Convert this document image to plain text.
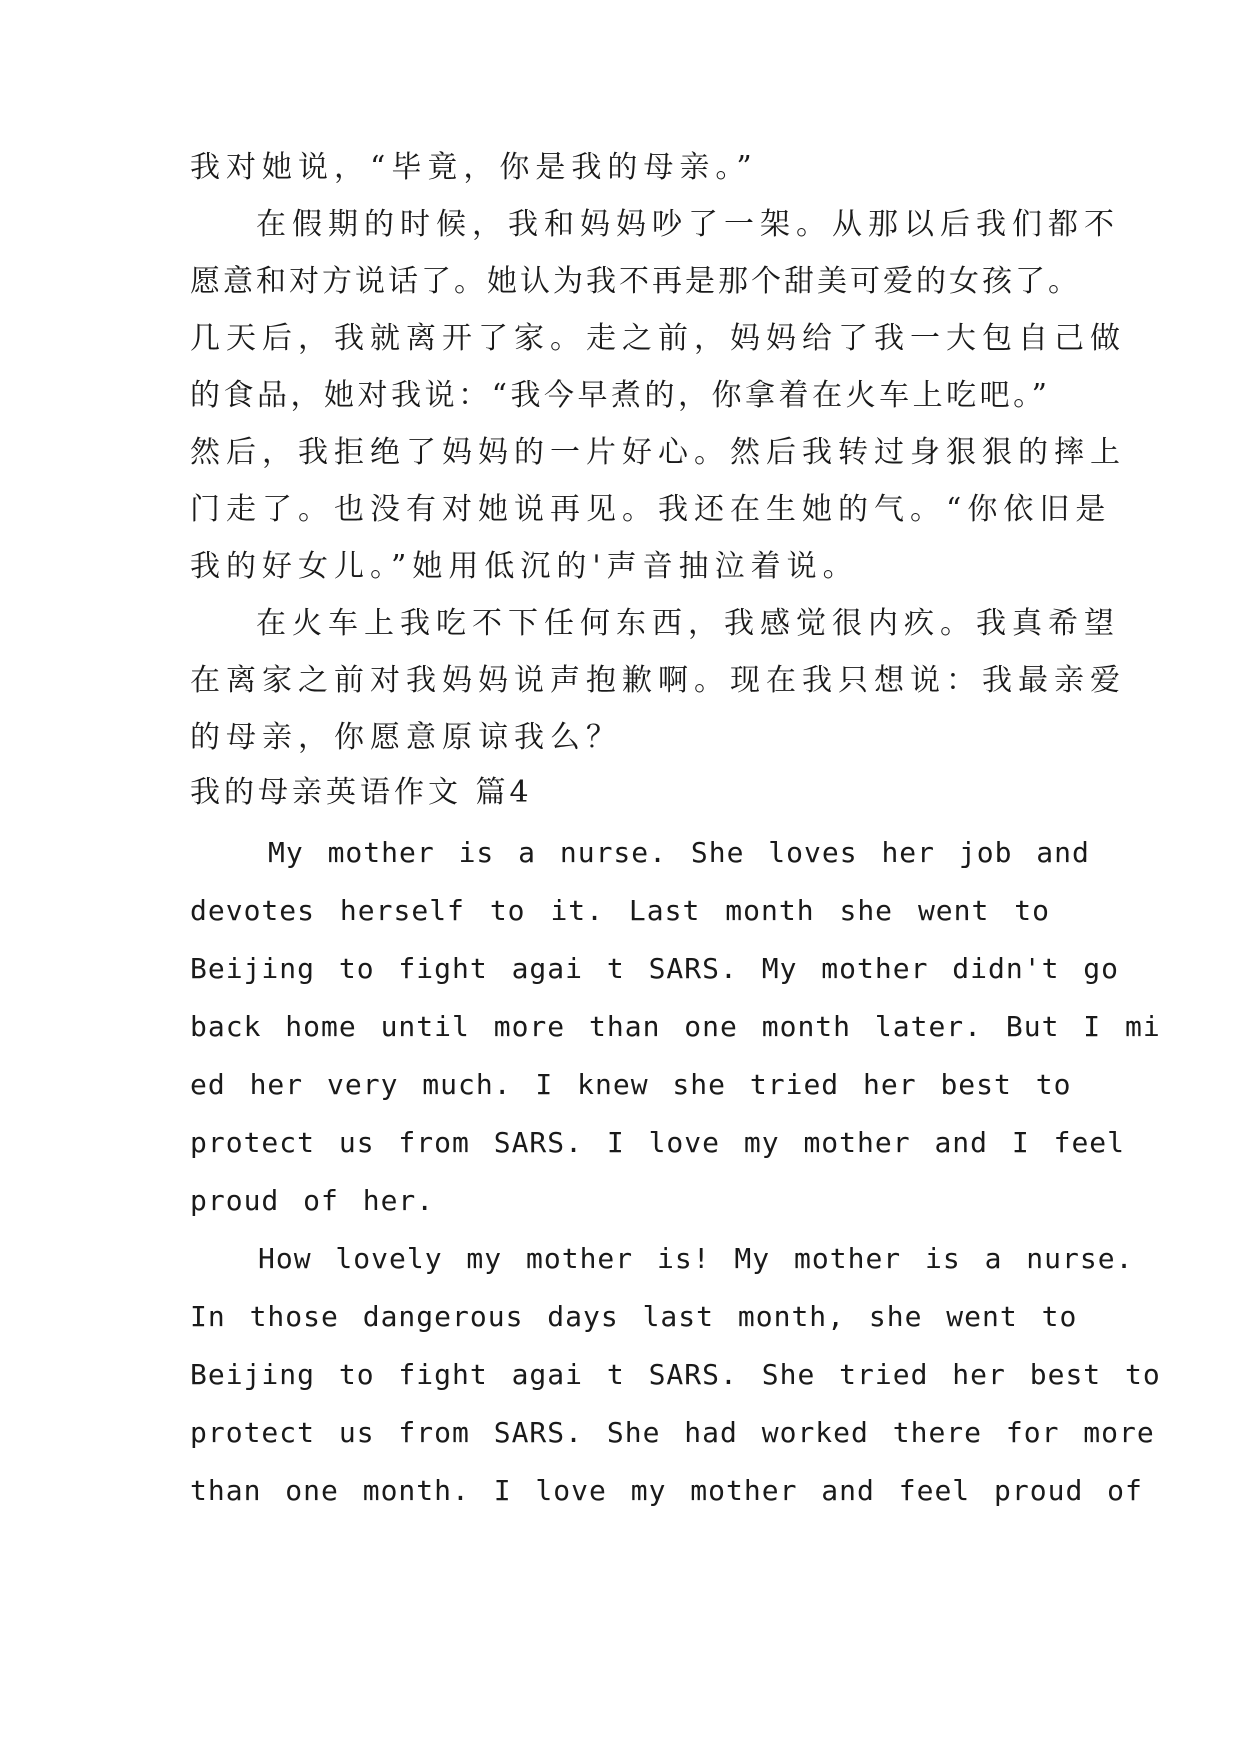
我对她说，“毕竟，你是我的母亲。”
在假期的时候，我和妈妈吵了一架。从那以后我们都不
愿意和对方说话了。她认为我不再是那个甜美可爱的女孩了。
几天后，我就离开了家。走之前，妈妈给了我一大包自己做
的食品，她对我说：“我今早煮的，你拿着在火车上吃吧。”
然后，我拒绝了妈妈的一片好心。然后我转过身狠狠的摔上
门走了。也没有对她说再见。我还在生她的气。“你依旧是
我的好女儿。”她用低沉的'声音抽泣着说。
在火车上我吃不下任何东西，我感觉很内疚。我真希望
在离家之前对我妈妈说声抱歉啊。现在我只想说：我最亲爱
的母亲，你愿意原谅我么？
我的母亲英语作文 篇4
My mother is a nurse. She loves her job and
devotes herself to it. Last month she went to
Beijing to fight agai t SARS. My mother didn't go
back home until more than one month later. But I mi
ed her very much. I knew she tried her best to
protect us from SARS. I love my mother and I feel
proud of her.
How lovely my mother is! My mother is a nurse.
In those dangerous days last month, she went to
Beijing to fight agai t SARS. She tried her best to
protect us from SARS. She had worked there for more
than one month. I love my mother and feel proud of
